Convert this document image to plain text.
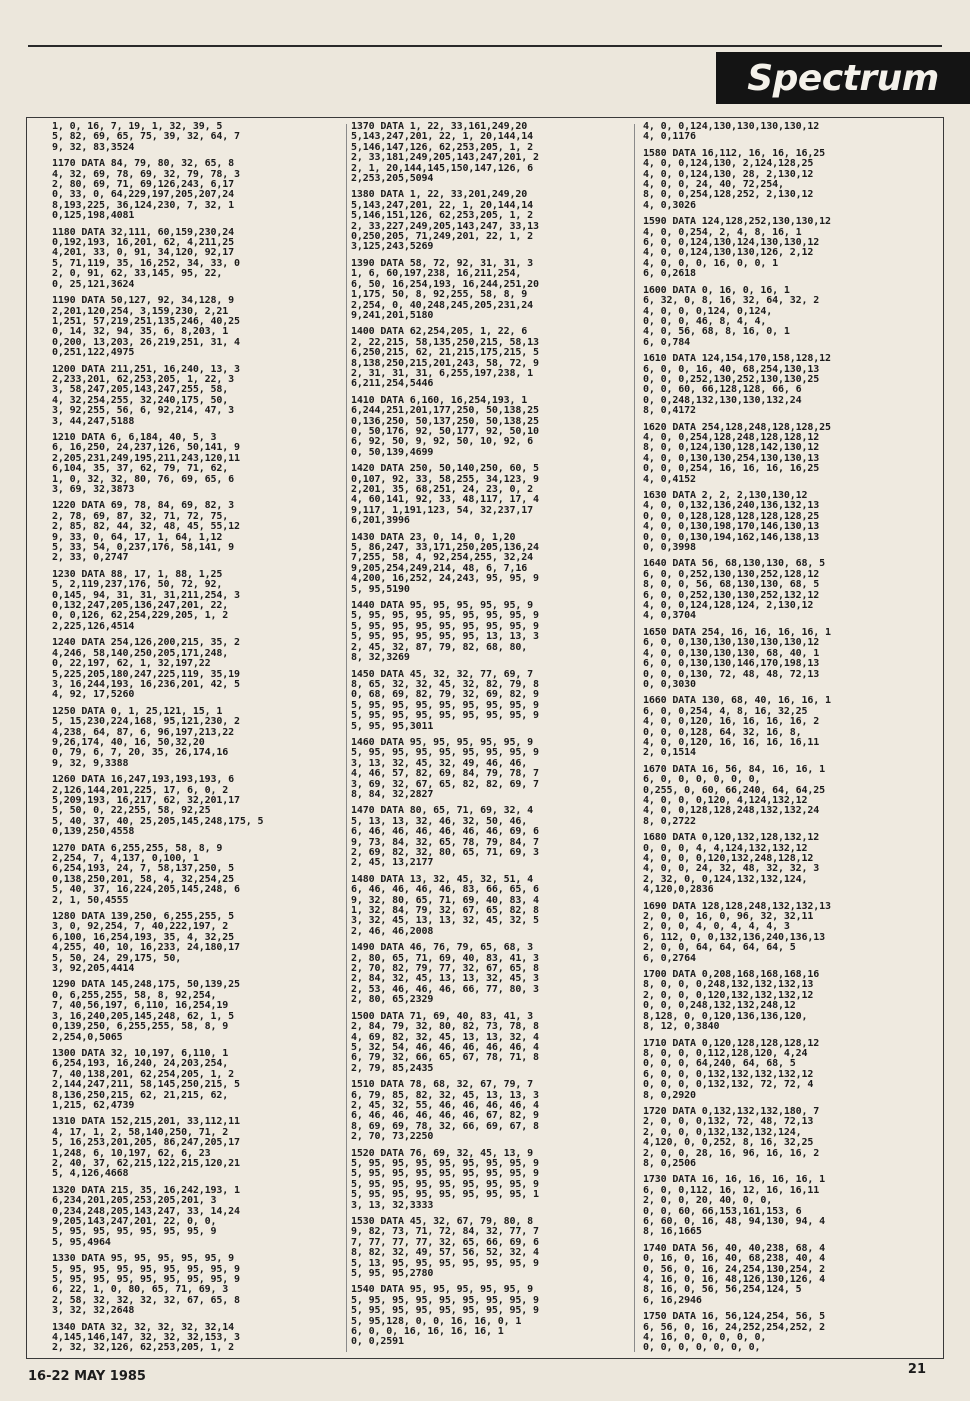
Spectrum
1, 0, 16, 7, 19, 1, 32, 39, 5
5, 82, 69, 65, 75, 39, 32, 64, 7
9, 32, 83,3524
1170 DATA 84, 79, 80, 32, 65, 8
4, 32, 69, 78, 69, 32, 79, 78, 3
2, 80, 69, 71, 69,126,243, 6,17
0, 33, 0, 64,229,197,205,207,24
8,193,225, 36,124,230, 7, 32, 1
0,125,198,4081
1180 DATA 32,111, 60,159,230,24
0,192,193, 16,201, 62, 4,211,25
4,201, 33, 0, 91, 34,120, 92,17
5, 71,119, 35, 16,252, 34, 33, 0
2, 0, 91, 62, 33,145, 95, 22,
0, 25,121,3624
1190 DATA 50,127, 92, 34,128, 9
2,201,120,254, 3,159,230, 2,21
1,251, 57,219,251,135,246, 40,25
0, 14, 32, 94, 35, 6, 8,203, 1
0,200, 13,203, 26,219,251, 31, 4
0,251,122,4975
1200 DATA 211,251, 16,240, 13, 3
2,233,201, 62,253,205, 1, 22, 3
3, 58,247,205,143,247,255, 58,
4, 32,254,255, 32,240,175, 50,
3, 92,255, 56, 6, 92,214, 47, 3
3, 44,247,5188
1210 DATA 6, 6,184, 40, 5, 3
6, 16,250, 24,237,126, 50,141, 9
2,205,231,249,195,211,243,120,11
6,104, 35, 37, 62, 79, 71, 62,
1, 0, 32, 32, 80, 76, 69, 65, 6
3, 69, 32,3873
1220 DATA 69, 78, 84, 69, 82, 3
2, 78, 69, 87, 32, 71, 72, 75,
2, 85, 82, 44, 32, 48, 45, 55,12
9, 33, 0, 64, 17, 1, 64, 1,12
5, 33, 54, 0,237,176, 58,141, 9
2, 33, 0,2747
1230 DATA 88, 17, 1, 88, 1,25
5, 2,119,237,176, 50, 72, 92,
0,145, 94, 31, 31, 31,211,254, 3
0,132,247,205,136,247,201, 22,
0, 0,126, 62,254,229,205, 1, 2
2,225,126,4514
1240 DATA 254,126,200,215, 35, 2
4,246, 58,140,250,205,171,248,
0, 22,197, 62, 1, 32,197,22
5,225,205,180,247,225,119, 35,19
3, 16,244,193, 16,236,201, 42, 5
4, 92, 17,5260
1250 DATA 0, 1, 25,121, 15, 1
5, 15,230,224,168, 95,121,230, 2
4,238, 64, 87, 6, 96,197,213,22
9,26,174, 40, 16, 50,32,20
0, 79, 6, 7, 20, 35, 26,174,16
9, 32, 9,3388
1260 DATA 16,247,193,193,193, 6
2,126,144,201,225, 17, 6, 0, 2
5,209,193, 16,217, 62, 32,201,17
5, 50, 0, 22,255, 58, 92,25
5, 40, 37, 40, 25,205,145,248,175, 5
0,139,250,4558
1270 DATA 6,255,255, 58, 8, 9
2,254, 7, 4,137, 0,100, 1
6,254,193, 24, 7, 58,137,250, 5
0,138,250,201, 58, 4, 32,254,25
5, 40, 37, 16,224,205,145,248, 6
2, 1, 50,4555
1280 DATA 139,250, 6,255,255, 5
3, 0, 92,254, 7, 40,222,197, 2
6,100, 16,254,193, 35, 4, 32,25
4,255, 40, 10, 16,233, 24,180,17
5, 50, 24, 29,175, 50,
3, 92,205,4414
1290 DATA 145,248,175, 50,139,25
0, 6,255,255, 58, 8, 92,254,
7, 40,56,197, 6,110, 16,254,19
3, 16,240,205,145,248, 62, 1, 5
0,139,250, 6,255,255, 58, 8, 9
2,254,0,5065
1300 DATA 32, 10,197, 6,110, 1
6,254,193, 16,240, 24,203,254,
7, 40,138,201, 62,254,205, 1, 2
2,144,247,211, 58,145,250,215, 5
8,136,250,215, 62, 21,215, 62,
1,215, 62,4739
1310 DATA 152,215,201, 33,112,11
4, 17, 1, 2, 58,140,250, 71, 2
5, 16,253,201,205, 86,247,205,17
1,248, 6, 10,197, 62, 6, 23
2, 40, 37, 62,215,122,215,120,21
5, 4,126,4668
1320 DATA 215, 35, 16,242,193, 1
6,234,201,205,253,205,201, 3
0,234,248,205,143,247, 33, 14,24
9,205,143,247,201, 22, 0, 0,
5, 95, 95, 95, 95, 95, 95, 9
5, 95,4964
1330 DATA 95, 95, 95, 95, 95, 9
5, 95, 95, 95, 95, 95, 95, 95, 9
5, 95, 95, 95, 95, 95, 95, 95, 9
6, 22, 1, 0, 80, 65, 71, 69, 3
2, 58, 32, 32, 32, 32, 67, 65, 8
3, 32, 32,2648
1340 DATA 32, 32, 32, 32, 32,14
4,145,146,147, 32, 32, 32,153, 3
2, 32, 32,126, 62,253,205, 1, 2

1370 DATA 1, 22, 33,161,249,20
5,143,247,201, 22, 1, 20,144,14
5,146,147,126, 62,253,205, 1, 2
2, 33,181,249,205,143,247,201, 2
2, 1, 20,144,145,150,147,126, 6
2,253,205,5094
1380 DATA 1, 22, 33,201,249,20
5,143,247,201, 22, 1, 20,144,14
5,146,151,126, 62,253,205, 1, 2
2, 33,227,249,205,143,247, 33,13
0,250,205, 71,249,201, 22, 1, 2
3,125,243,5269
1390 DATA 58, 72, 92, 31, 31, 3
1, 6, 60,197,238, 16,211,254,
6, 50, 16,254,193, 16,244,251,20
1,175, 50, 8, 92,255, 58, 8, 9
2,254, 0, 40,248,245,205,231,24
9,241,201,5180
1400 DATA 62,254,205, 1, 22, 6
2, 22,215, 58,135,250,215, 58,13
6,250,215, 62, 21,215,175,215, 5
8,138,250,215,201,243, 58, 72, 9
2, 31, 31, 31, 6,255,197,238, 1
6,211,254,5446
1410 DATA 6,160, 16,254,193, 1
6,244,251,201,177,250, 50,138,25
0,136,250, 50,137,250, 50,138,25
0, 50,176, 92, 50,177, 92, 50,10
6, 92, 50, 9, 92, 50, 10, 92, 6
0, 50,139,4699
1420 DATA 250, 50,140,250, 60, 5
0,107, 92, 33, 58,255, 34,123, 9
2,201, 35, 68,251, 24, 23, 0, 2
4, 60,141, 92, 33, 48,117, 17, 4
9,117, 1,191,123, 54, 32,237,17
6,201,3996
1430 DATA 23, 0, 14, 0, 1,20
5, 86,247, 33,171,250,205,136,24
7,255, 58, 4, 92,254,255, 32,24
9,205,254,249,214, 48, 6, 7,16
4,200, 16,252, 24,243, 95, 95, 9
5, 95,5190
1440 DATA 95, 95, 95, 95, 95, 9
5, 95, 95, 95, 95, 95, 95, 95, 9
5, 95, 95, 95, 95, 95, 95, 95, 9
5, 95, 95, 95, 95, 95, 13, 13, 3
2, 45, 32, 87, 79, 82, 68, 80,
8, 32,3269
1450 DATA 45, 32, 32, 77, 69, 7
8, 65, 32, 32, 45, 32, 82, 79, 8
0, 68, 69, 82, 79, 32, 69, 82, 9
5, 95, 95, 95, 95, 95, 95, 95, 9
5, 95, 95, 95, 95, 95, 95, 95, 9
5, 95, 95,3011
1460 DATA 95, 95, 95, 95, 95, 9
5, 95, 95, 95, 95, 95, 95, 95, 9
3, 13, 32, 45, 32, 49, 46, 46,
4, 46, 57, 82, 69, 84, 79, 78, 7
3, 69, 32, 67, 65, 82, 82, 69, 7
8, 84, 32,2827
1470 DATA 80, 65, 71, 69, 32, 4
5, 13, 13, 32, 46, 32, 50, 46,
6, 46, 46, 46, 46, 46, 46, 69, 6
9, 73, 84, 32, 65, 78, 79, 84, 7
2, 69, 82, 32, 80, 65, 71, 69, 3
2, 45, 13,2177
1480 DATA 13, 32, 45, 32, 51, 4
6, 46, 46, 46, 46, 83, 66, 65, 6
9, 32, 80, 65, 71, 69, 40, 83, 4
1, 32, 84, 79, 32, 67, 65, 82, 8
3, 32, 45, 13, 13, 32, 45, 32, 5
2, 46, 46,2008
1490 DATA 46, 76, 79, 65, 68, 3
2, 80, 65, 71, 69, 40, 83, 41, 3
2, 70, 82, 79, 77, 32, 67, 65, 8
2, 84, 32, 45, 13, 13, 32, 45, 3
2, 53, 46, 46, 46, 66, 77, 80, 3
2, 80, 65,2329
1500 DATA 71, 69, 40, 83, 41, 3
2, 84, 79, 32, 80, 82, 73, 78, 8
4, 69, 82, 32, 45, 13, 13, 32, 4
5, 32, 54, 46, 46, 46, 46, 46, 4
6, 79, 32, 66, 65, 67, 78, 71, 8
2, 79, 85,2435
1510 DATA 78, 68, 32, 67, 79, 7
6, 79, 85, 82, 32, 45, 13, 13, 3
2, 45, 32, 55, 46, 46, 46, 46, 4
6, 46, 46, 46, 46, 46, 67, 82, 9
8, 69, 69, 78, 32, 66, 69, 67, 8
2, 70, 73,2250
1520 DATA 76, 69, 32, 45, 13, 9
5, 95, 95, 95, 95, 95, 95, 95, 9
5, 95, 95, 95, 95, 95, 95, 95, 9
5, 95, 95, 95, 95, 95, 95, 95, 9
5, 95, 95, 95, 95, 95, 95, 95, 1
3, 13, 32,3333
1530 DATA 45, 32, 67, 79, 80, 8
9, 82, 73, 71, 72, 84, 32, 77, 7
7, 77, 77, 77, 32, 65, 66, 69, 6
8, 82, 32, 49, 57, 56, 52, 32, 4
5, 13, 95, 95, 95, 95, 95, 95, 9
5, 95, 95,2780
1540 DATA 95, 95, 95, 95, 95, 9
5, 95, 95, 95, 95, 95, 95, 95, 9
5, 95, 95, 95, 95, 95, 95, 95, 9
5, 95,128, 0, 0, 16, 16, 0, 1
6, 0, 0, 16, 16, 16, 16, 1
0, 0,2591
4, 0, 0,124,130,130,130,130,12
4, 0,1176
1580 DATA 16,112, 16, 16, 16,25
4, 0, 0,124,130, 2,124,128,25
4, 0, 0,124,130, 28, 2,130,12
4, 0, 0, 24, 40, 72,254,
8, 0, 0,254,128,252, 2,130,12
4, 0,3026
1590 DATA 124,128,252,130,130,12
4, 0, 0,254, 2, 4, 8, 16, 1
6, 0, 0,124,130,124,130,130,12
4, 0, 0,124,130,130,126, 2,12
4, 0, 0, 0, 16, 0, 0, 1
6, 0,2618
1600 DATA 0, 16, 0, 16, 1
6, 32, 0, 8, 16, 32, 64, 32, 2
4, 0, 0, 0,124, 0,124,
0, 0, 0, 46, 8, 4, 4,
4, 0, 56, 68, 8, 16, 0, 1
6, 0,784
1610 DATA 124,154,170,158,128,12
6, 0, 0, 16, 40, 68,254,130,13
0, 0, 0,252,130,252,130,130,25
0, 0, 60, 66,128,128, 66, 6
0, 0,248,132,130,130,132,24
8, 0,4172
1620 DATA 254,128,248,128,128,25
4, 0, 0,254,128,248,128,128,12
8, 0, 0,124,130,128,142,130,12
4, 0, 0,130,130,254,130,130,13
0, 0, 0,254, 16, 16, 16, 16,25
4, 0,4152
1630 DATA 2, 2, 2,130,130,12
4, 0, 0,132,136,240,136,132,13
0, 0, 0,128,128,128,128,128,25
4, 0, 0,130,198,170,146,130,13
0, 0, 0,130,194,162,146,138,13
0, 0,3998
1640 DATA 56, 68,130,130, 68, 5
6, 0, 0,252,130,130,252,128,12
8, 0, 0, 56, 68,130,130, 68, 5
6, 0, 0,252,130,130,252,132,12
4, 0, 0,124,128,124, 2,130,12
4, 0,3704
1650 DATA 254, 16, 16, 16, 16, 1
6, 0, 0,130,130,130,130,130,12
4, 0, 0,130,130,130, 68, 40, 1
6, 0, 0,130,130,146,170,198,13
0, 0, 0,130, 72, 48, 48, 72,13
0, 0,3030
1660 DATA 130, 68, 40, 16, 16, 1
6, 0, 0,254, 4, 8, 16, 32,25
4, 0, 0,120, 16, 16, 16, 16, 2
0, 0, 0,128, 64, 32, 16, 8,
4, 0, 0,120, 16, 16, 16, 16,11
2, 0,1514
1670 DATA 16, 56, 84, 16, 16, 1
6, 0, 0, 0, 0, 0, 0,
0,255, 0, 60, 66,240, 64, 64,25
4, 0, 0, 0,120, 4,124,132,12
4, 0, 0,128,128,248,132,132,24
8, 0,2722
1680 DATA 0,120,132,128,132,12
0, 0, 0, 4, 4,124,132,132,12
4, 0, 0, 0,120,132,248,128,12
4, 0, 0, 24, 32, 48, 32, 32, 3
2, 32, 0, 0,124,132,132,124,
4,120,0,2836
1690 DATA 128,128,248,132,132,13
2, 0, 0, 16, 0, 96, 32, 32,11
2, 0, 0, 4, 0, 4, 4, 4, 3
6, 112, 0, 0,132,136,240,136,13
2, 0, 0, 64, 64, 64, 64, 5
6, 0,2764
1700 DATA 0,208,168,168,168,16
8, 0, 0, 0,248,132,132,132,13
2, 0, 0, 0,120,132,132,132,12
0, 0, 0,248,132,132,248,12
8,128, 0, 0,120,136,136,120,
8, 12, 0,3840
1710 DATA 0,120,128,128,128,12
8, 0, 0, 0,112,128,120, 4,24
0, 0, 0, 64,240, 64, 68, 5
6, 0, 0, 0,132,132,132,132,12
0, 0, 0, 0,132,132, 72, 72, 4
8, 0,2920
1720 DATA 0,132,132,132,180, 7
2, 0, 0, 0,132, 72, 48, 72,13
2, 0, 0, 0,132,132,132,124,
4,120, 0, 0,252, 8, 16, 32,25
2, 0, 0, 28, 16, 96, 16, 16, 2
8, 0,2506
1730 DATA 16, 16, 16, 16, 16, 1
6, 0, 0,112, 16, 12, 16, 16,11
2, 0, 0, 20, 40, 0, 0,
0, 0, 60, 66,153,161,153, 6
6, 60, 0, 16, 48, 94,130, 94, 4
8, 16,1665
1740 DATA 56, 40, 40,238, 68, 4
0, 16, 0, 16, 40, 68,238, 40, 4
0, 56, 0, 16, 24,254,130,254, 2
4, 16, 0, 16, 48,126,130,126, 4
8, 16, 0, 56, 56,254,124, 5
6, 16,2946
1750 DATA 16, 56,124,254, 56, 5
6, 56, 0, 16, 24,252,254,252, 2
4, 16, 0, 0, 0, 0, 0,
0, 0, 0, 0, 0, 0, 0,

16-22 MAY 1985	21
